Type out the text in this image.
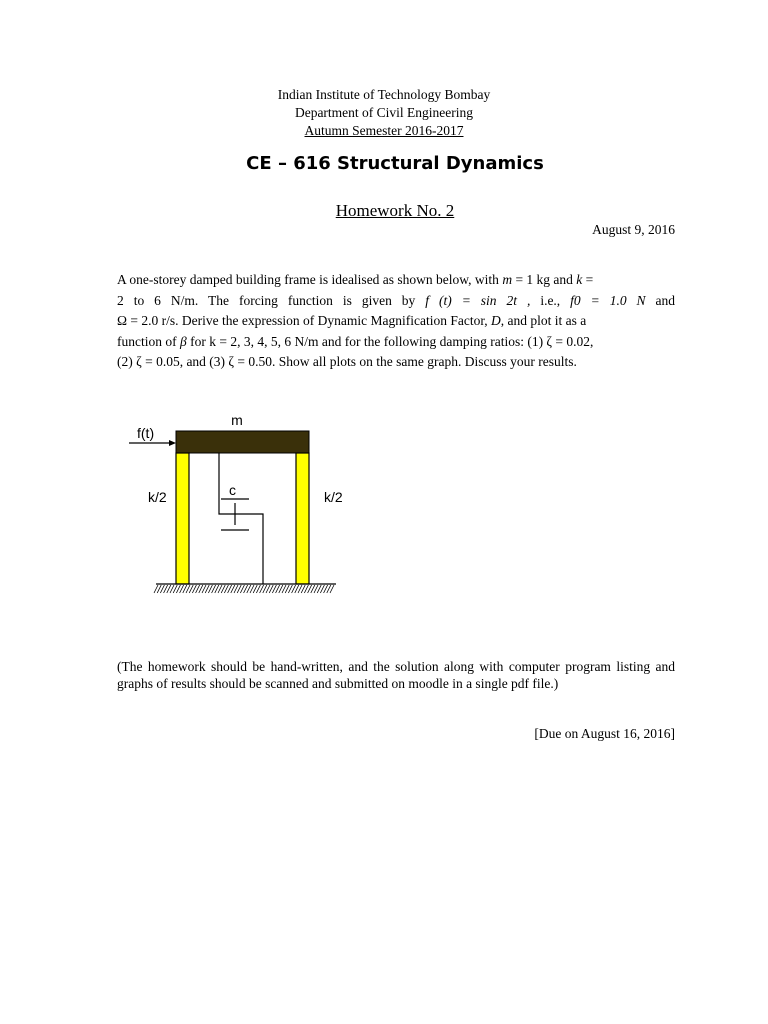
Indian Institute of Technology Bombay
Department of Civil Engineering
Autumn Semester 2016-2017
CE – 616 Structural Dynamics
Homework No. 2
August 9, 2016
A one-storey damped building frame is idealised as shown below, with m = 1 kg and k =
2 to 6 N/m. The forcing function is given by f (t) = sin 2t , i.e., f0 = 1.0 N and
Ω = 2.0 r/s. Derive the expression of Dynamic Magnification Factor, D, and plot it as a
function of β for k = 2, 3, 4, 5, 6 N/m and for the following damping ratios: (1) ζ = 0.02,
(2) ζ = 0.05, and (3) ζ = 0.50. Show all plots on the same graph. Discuss your results.
m
f(t)
k/2	k/2
c
(The homework should be hand-written, and the solution along with computer program listing and graphs of results should be scanned and submitted on moodle in a single pdf file.)
[Due on August 16, 2016]
